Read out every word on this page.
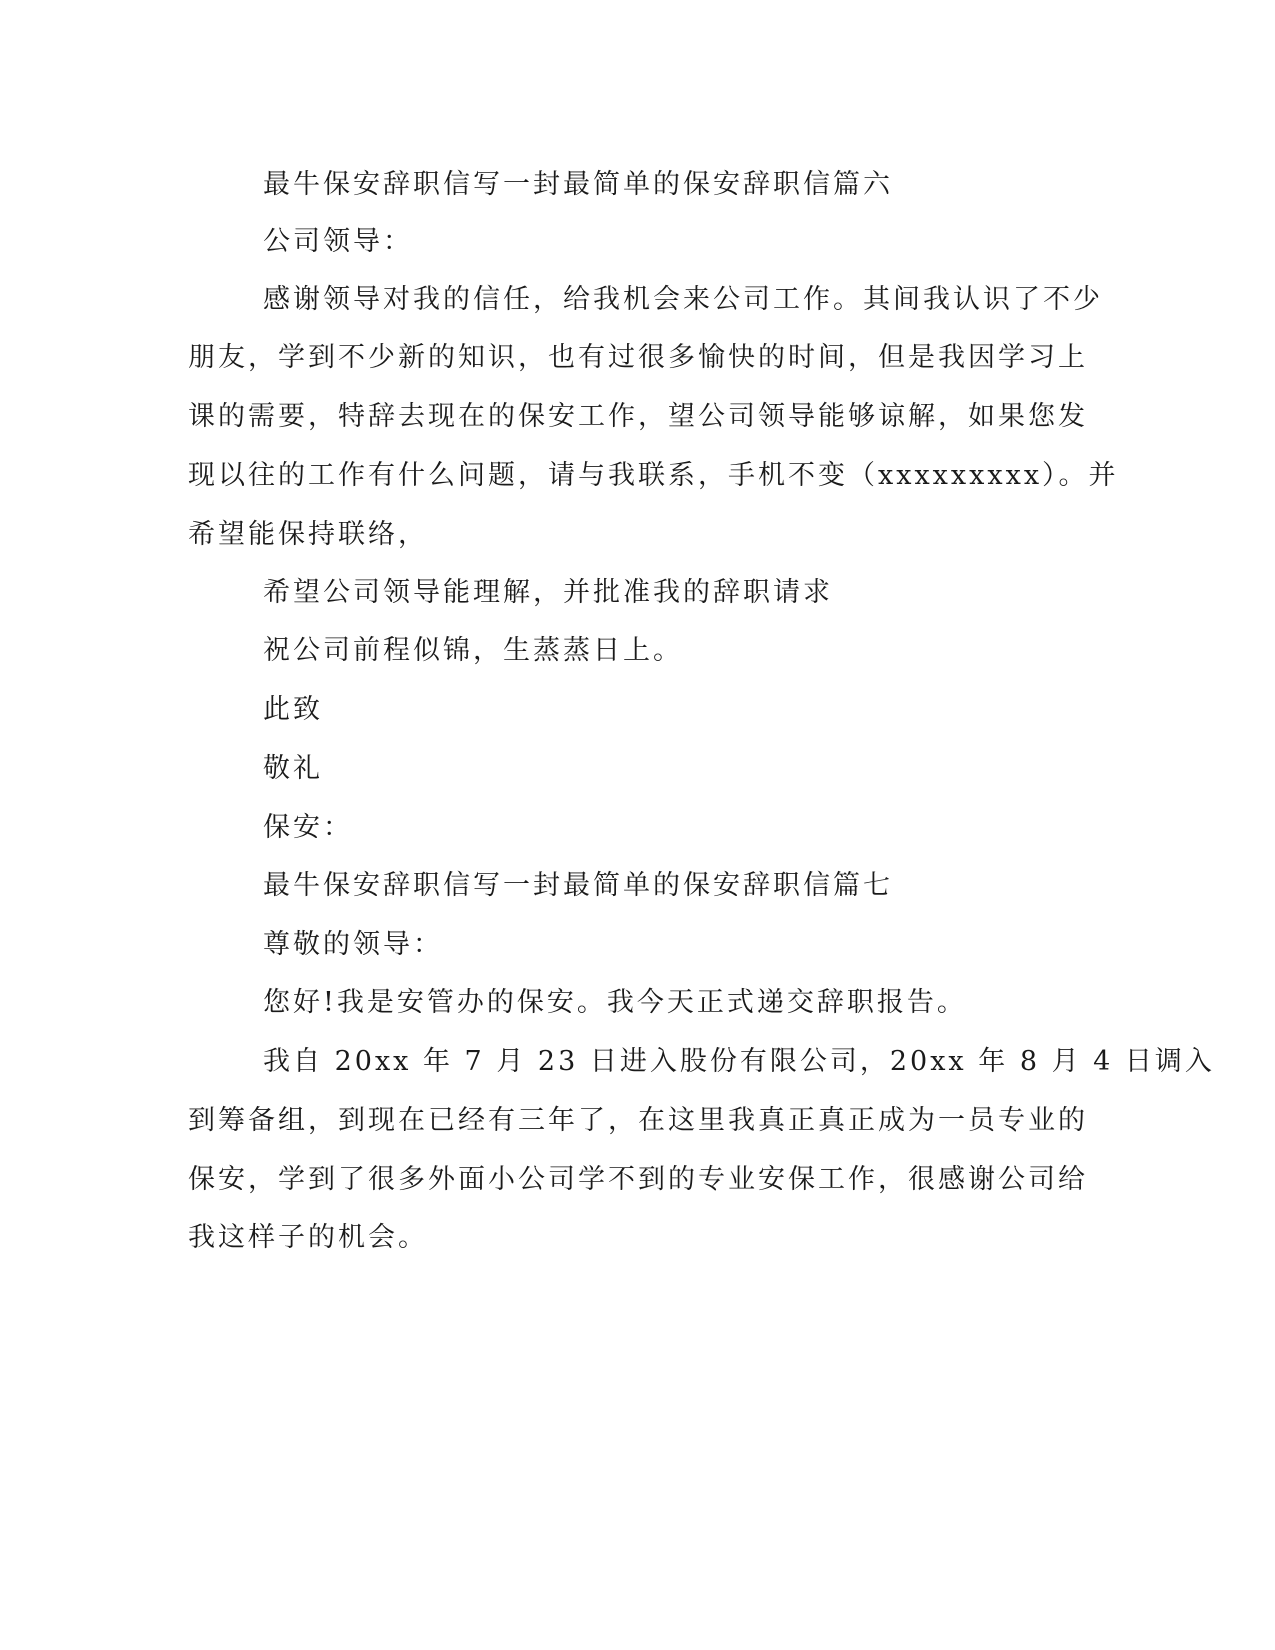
最牛保安辞职信写一封最简单的保安辞职信篇六
公司领导：
感谢领导对我的信任，给我机会来公司工作。其间我认识了不少
朋友，学到不少新的知识，也有过很多愉快的时间，但是我因学习上
课的需要，特辞去现在的保安工作，望公司领导能够谅解，如果您发
现以往的工作有什么问题，请与我联系，手机不变（xxxxxxxxx）。并
希望能保持联络，
希望公司领导能理解，并批准我的辞职请求
祝公司前程似锦，生蒸蒸日上。
此致
敬礼
保安：
最牛保安辞职信写一封最简单的保安辞职信篇七
尊敬的领导：
您好!我是安管办的保安。我今天正式递交辞职报告。
我自 20xx 年 7 月 23 日进入股份有限公司，20xx 年 8 月 4 日调入
到筹备组，到现在已经有三年了，在这里我真正真正成为一员专业的
保安，学到了很多外面小公司学不到的专业安保工作，很感谢公司给
我这样子的机会。
